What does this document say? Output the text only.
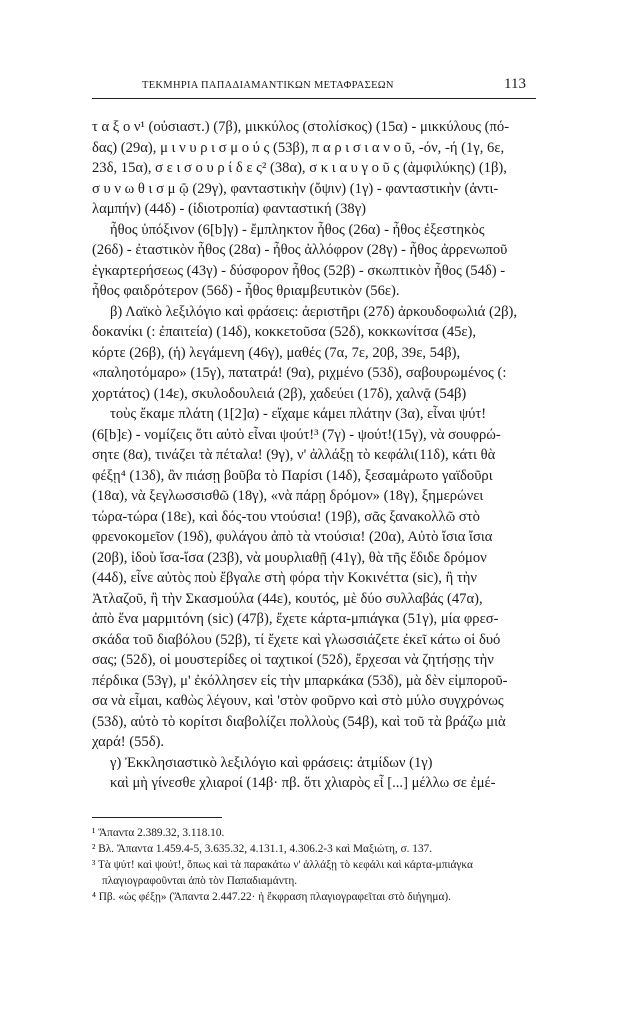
ΤΕΚΜΗΡΙΑ ΠΑΠΑΔΙΑΜΑΝΤΙΚΩΝ ΜΕΤΑΦΡΑΣΕΩΝ	113

τ α ξ ο ν¹ (οὐσιαστ.) (7β), μικκύλος (στολίσκος) (15α) - μικκύλους (πό-

δας) (29α), μ ι ν υ ρ ι σ μ ο ύ ς (53β), π α ρ ι σ ι α ν ο ῦ, -όν, -ή (1γ, 6ε,

23δ, 15α), σ ε ι σ ο υ ρ ί δ ε ς² (38α), σ κ ι α υ γ ο ῦ ς (ἀμφιλύκης) (1β),

σ υ ν ω θ ι σ μ ῷ (29γ), φανταστικὴν (ὄψιν) (1γ) - φανταστικὴν (ἀντι-

λαμπήν) (44δ) - (ἰδιοτροπία) φανταστική (38γ)

ἦθος ὑπόξινον (6[b]γ) - ἔμπληκτον ἦθος (26α) - ἦθος ἐξεστηκὸς

(26δ) - ἐταστικὸν ἦθος (28α) - ἦθος ἀλλόφρον (28γ) - ἦθος ἀρρενωποῦ

ἐγκαρτερήσεως (43γ) - δύσφορον ἦθος (52β) - σκωπτικὸν ἦθος (54δ) -

ἦθος φαιδρότερον (56δ) - ἦθος θριαμβευτικὸν (56ε).

β) Λαϊκὸ λεξιλόγιο καὶ φράσεις: ἀεριστῆρι (27δ) ἀρκουδοφωλιά (2β),

δοκανίκι (: ἐπαιτεία) (14δ), κοκκετοῦσα (52δ), κοκκωνίτσα (45ε),

κόρτε (26β), (ἡ) λεγάμενη (46γ), μαθές (7α, 7ε, 20β, 39ε, 54β),

«παληοτόμαρο» (15γ), πατατρά! (9α), ριχμένο (53δ), σαβουρωμένος (:

χορτάτος) (14ε), σκυλοδουλειά (2β), χαδεύει (17δ), χαλνᾷ (54β)

τοὺς ἔκαμε πλάτη (1[2]α) - εἴχαμε κάμει πλάτην (3α), εἶναι ψύτ!

(6[b]ε) - νομίζεις ὅτι αὐτὸ εἶναι ψούτ!³ (7γ) - ψούτ!(15γ), νὰ σουφρώ-

σητε (8α), τινάζει τὰ πέταλα! (9γ), ν' ἀλλάξῃ τὸ κεφάλι(11δ), κάτι θὰ

φέξῃ⁴ (13δ), ἂν πιάσῃ βοῦβα τὸ Παρίσι (14δ), ξεσαμάρωτο γαϊδοῦρι

(18α), νὰ ξεγλωσσισθῶ (18γ), «νὰ πάρῃ δρόμον» (18γ), ξημερώνει

τώρα-τώρα (18ε), καὶ δός-του ντούσια! (19β), σᾶς ξανακολλῶ στὸ

φρενοκομεῖον (19δ), φυλάγου ἀπὸ τὰ ντούσια! (20α), Αὐτὸ ἴσια ἴσια

(20β), ἰδοὺ ἴσα-ἴσα (23β), νὰ μουρλιαθῇ (41γ), θὰ τῆς ἔδιδε δρόμον

(44δ), εἶνε αὐτὸς ποὺ ἔβγαλε στὴ φόρα τὴν Κοκινέττα (sic), ἢ τὴν

Ἀτλαζοῦ, ἢ τὴν Σκασμούλα (44ε), κουτός, μὲ δύο συλλαβάς (47α),

ἀπὸ ἕνα μαρμιτόνη (sic) (47β), ἔχετε κάρτα-μπιάγκα (51γ), μία φρεσ-

σκάδα τοῦ διαβόλου (52β), τί ἔχετε καὶ γλωσσιάζετε ἐκεῖ κάτω οἱ δυό

σας; (52δ), οἱ μουστερίδες οἱ ταχτικοί (52δ), ἔρχεσαι νὰ ζητήσῃς τὴν

πέρδικα (53γ), μ' ἐκόλλησεν εἰς τὴν μπαρκάκα (53δ), μὰ δὲν εἰμποροῦ-

σα νὰ εἶμαι, καθὼς λέγουν, καὶ 'στὸν φοῦρνο καὶ στὸ μύλο συγχρόνως

(53δ), αὐτὸ τὸ κορίτσι διαβολίζει πολλοὺς (54β), καὶ τοῦ τὰ βράζω μιὰ

χαρά! (55δ).

γ) Ἐκκλησιαστικὸ λεξιλόγιο καὶ φράσεις: ἀτμίδων (1γ)

καὶ μὴ γίνεσθε χλιαροί (14β· πβ. ὅτι χλιαρὸς εἶ [...] μέλλω σε ἐμέ-

¹ Ἅπαντα 2.389.32, 3.118.10.

² Βλ. Ἅπαντα 1.459.4-5, 3.635.32, 4.131.1, 4.306.2-3 καὶ Μαξιώτη, σ. 137.

³ Τὰ ψύτ! καὶ ψούτ!, ὅπως καὶ τὰ παρακάτω ν' ἀλλάξῃ τὸ κεφάλι καὶ κάρτα-μπιάγκα

πλαγιογραφοῦνται ἀπὸ τὸν Παπαδιαμάντη.

⁴ Πβ. «ὡς φέξῃ» (Ἅπαντα 2.447.22· ἡ ἔκφραση πλαγιογραφεῖται στὸ διήγημα).
